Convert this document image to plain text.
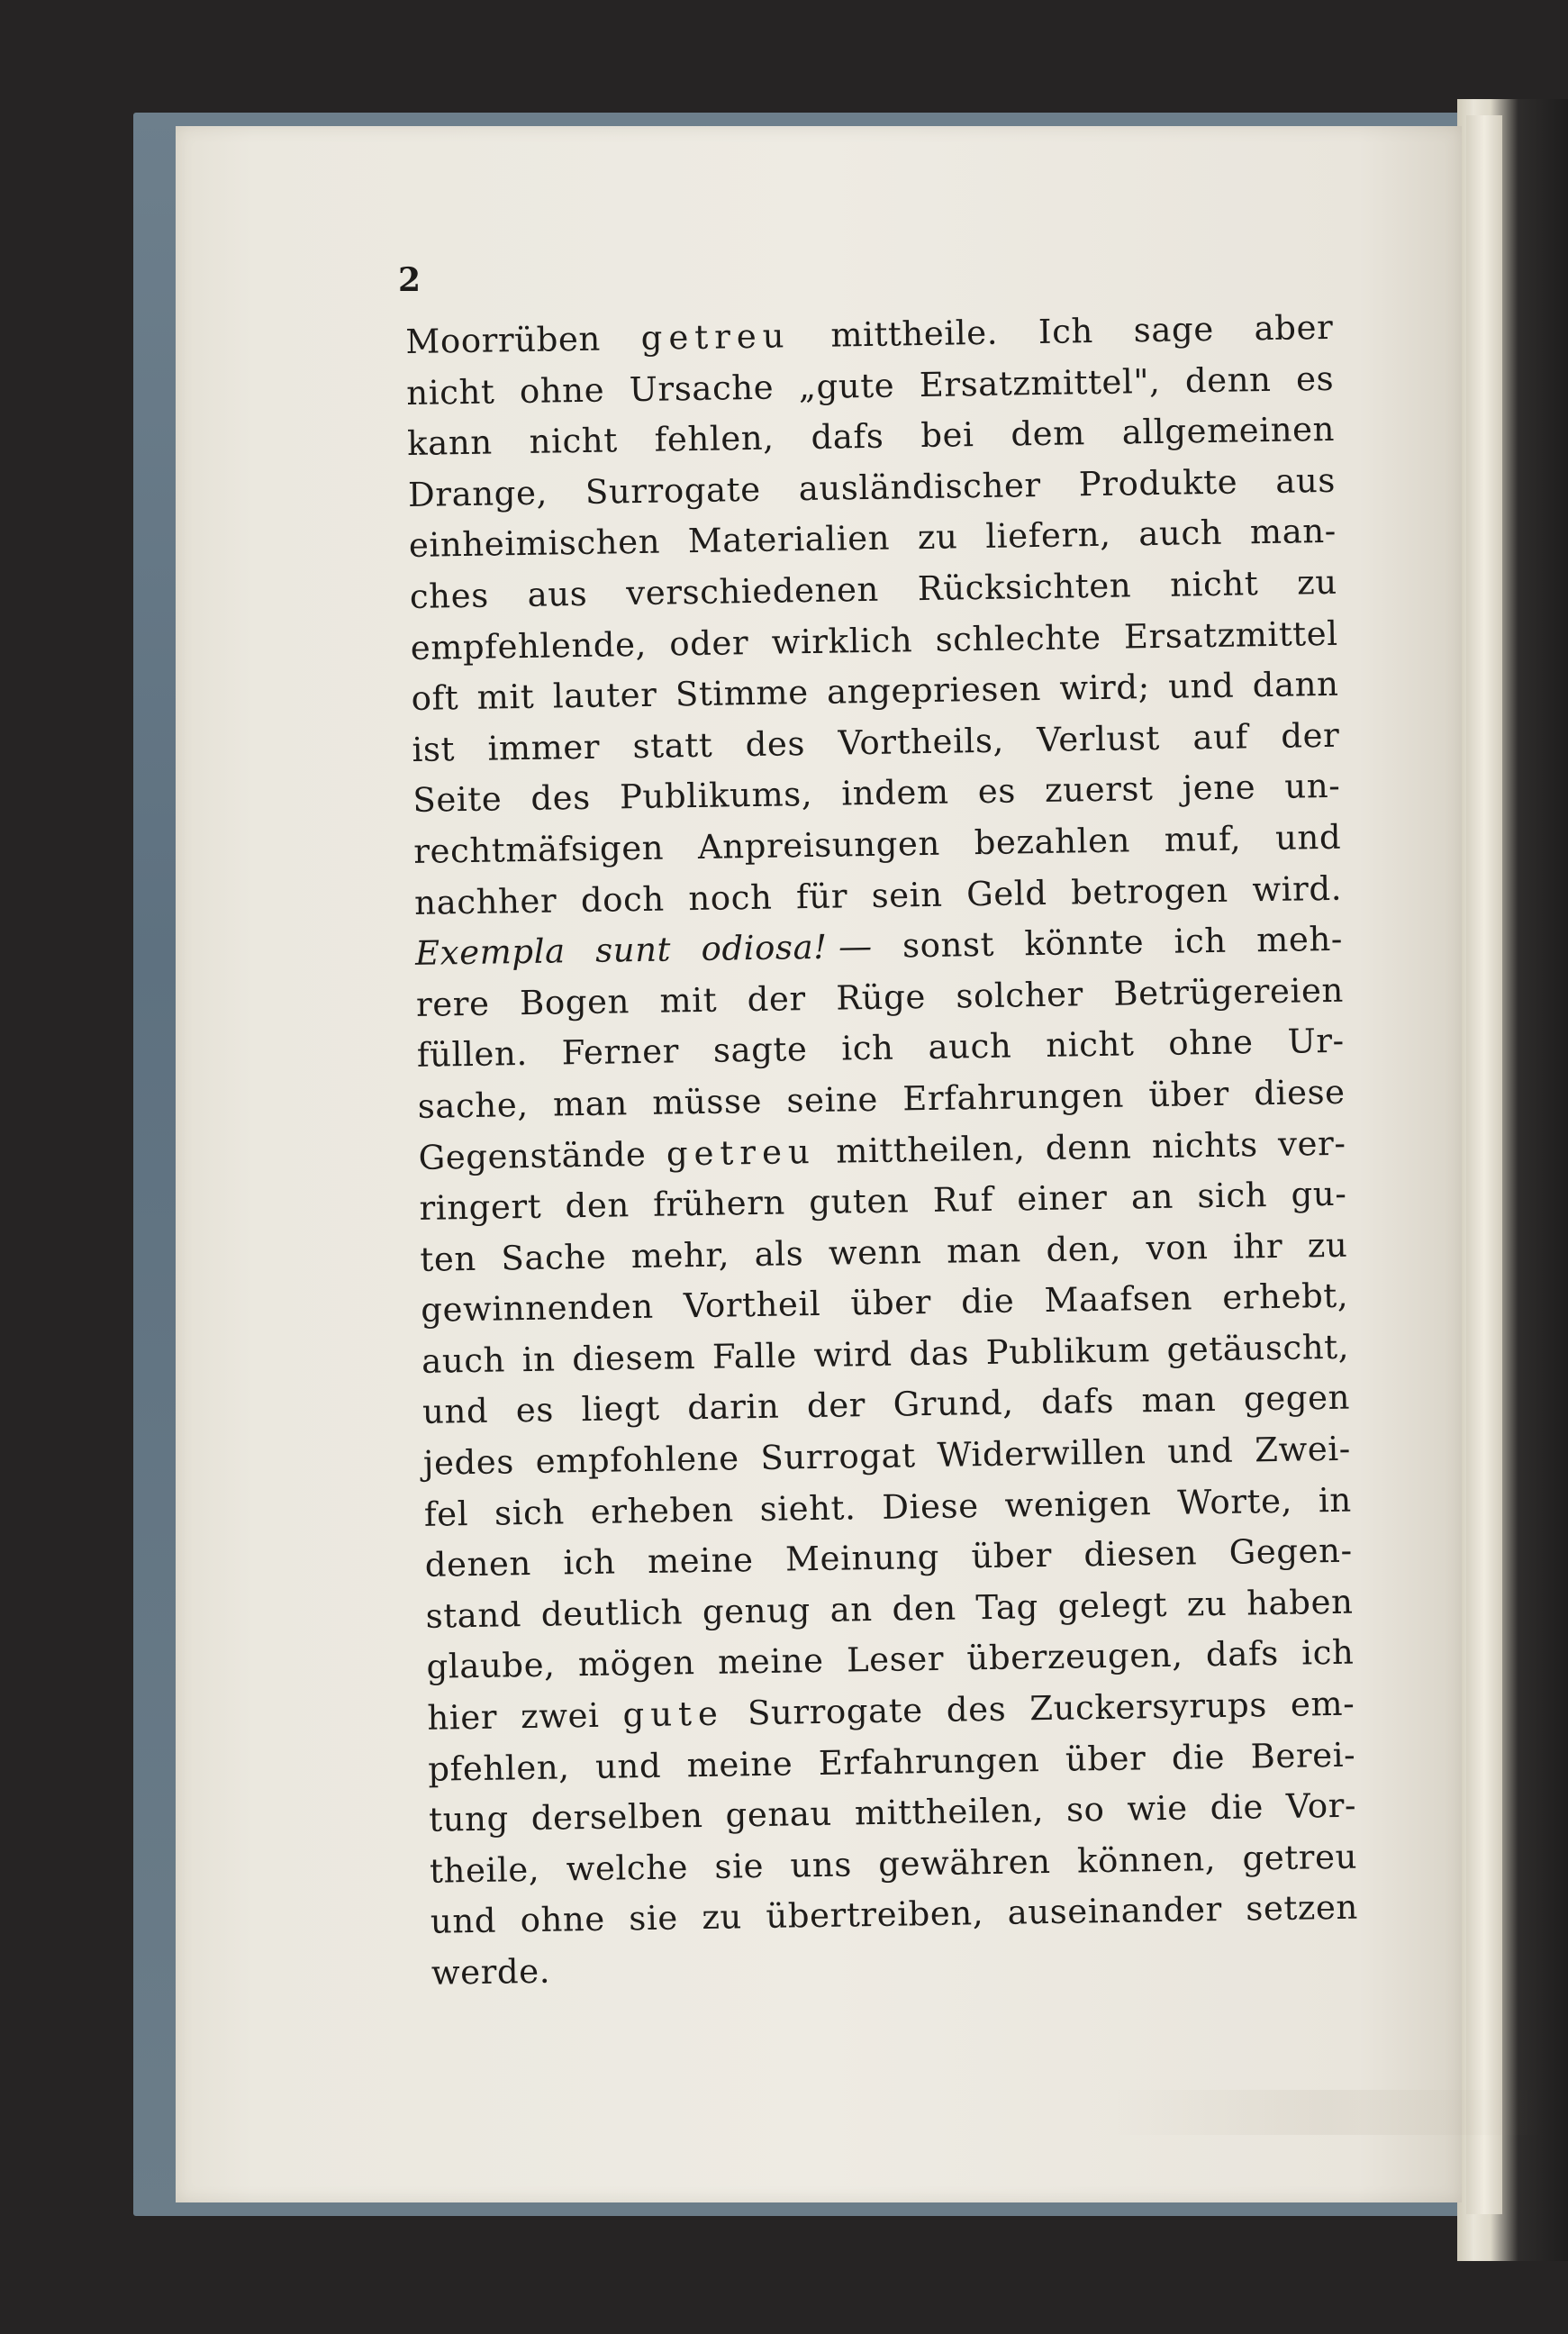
2
Moorrüben getreu mittheile. Ich sage aber
nicht ohne Ursache „gute Ersatzmittel", denn es
kann nicht fehlen, dafs bei dem allgemeinen
Drange, Surrogate ausländischer Produkte aus
einheimischen Materialien zu liefern, auch man-
ches aus verschiedenen Rücksichten nicht zu
empfehlende, oder wirklich schlechte Ersatzmittel
oft mit lauter Stimme angepriesen wird; und dann
ist immer statt des Vortheils, Verlust auf der
Seite des Publikums, indem es zuerst jene un-
rechtmäfsigen Anpreisungen bezahlen muf, und
nachher doch noch für sein Geld betrogen wird.
Exempla sunt odiosa! — sonst könnte ich meh-
rere Bogen mit der Rüge solcher Betrügereien
füllen. Ferner sagte ich auch nicht ohne Ur-
sache, man müsse seine Erfahrungen über diese
Gegenstände getreu mittheilen, denn nichts ver-
ringert den frühern guten Ruf einer an sich gu-
ten Sache mehr, als wenn man den, von ihr zu
gewinnenden Vortheil über die Maafsen erhebt,
auch in diesem Falle wird das Publikum getäuscht,
und es liegt darin der Grund, dafs man gegen
jedes empfohlene Surrogat Widerwillen und Zwei-
fel sich erheben sieht. Diese wenigen Worte, in
denen ich meine Meinung über diesen Gegen-
stand deutlich genug an den Tag gelegt zu haben
glaube, mögen meine Leser überzeugen, dafs ich
hier zwei gute Surrogate des Zuckersyrups em-
pfehlen, und meine Erfahrungen über die Berei-
tung derselben genau mittheilen, so wie die Vor-
theile, welche sie uns gewähren können, getreu
und ohne sie zu übertreiben, auseinander setzen
werde.
